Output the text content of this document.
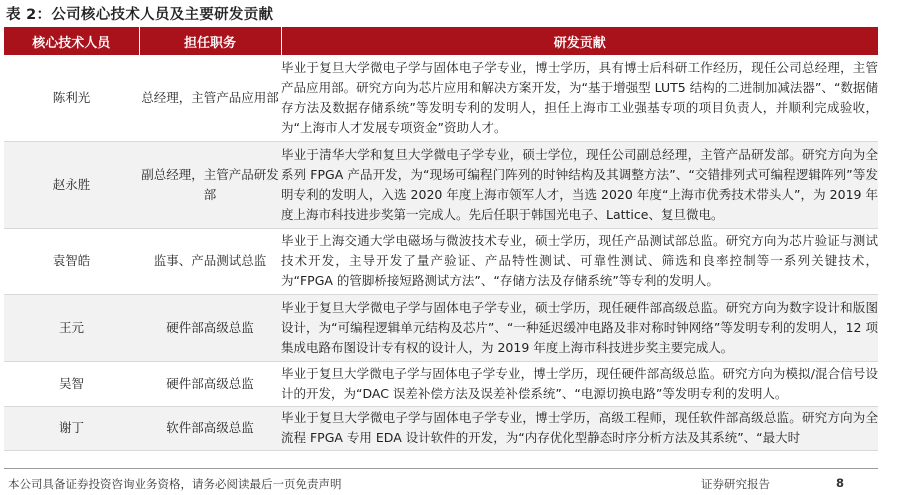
表 2：公司核心技术人员及主要研发贡献
核心技术人员	担任职务	研发贡献
陈利光	总经理，主管产品应用部	毕业于复旦大学微电子学与固体电子学专业，博士学历，具有博士后科研工作经历，现任公司总经理，主管产品应用部。研究方向为芯片应用和解决方案开发，为“基于增强型 LUT5 结构的二进制加减法器”、“数据储存方法及数据存储系统”等发明专利的发明人，担任上海市工业强基专项的项目负责人，并顺利完成验收，为“上海市人才发展专项资金”资助人才。
赵永胜	副总经理，主管产品研发部	毕业于清华大学和复旦大学微电子学专业，硕士学位，现任公司副总经理，主管产品研发部。研究方向为全系列 FPGA 产品开发，为“现场可编程门阵列的时钟结构及其调整方法”、“交错排列式可编程逻辑阵列”等发明专利的发明人，入选 2020 年度上海市领军人才，当选 2020 年度“上海市优秀技术带头人”，为 2019 年度上海市科技进步奖第一完成人。先后任职于韩国光电子、Lattice、复旦微电。
袁智皓	监事、产品测试总监	毕业于上海交通大学电磁场与微波技术专业，硕士学历，现任产品测试部总监。研究方向为芯片验证与测试技术开发，主导开发了量产验证、产品特性测试、可靠性测试、筛选和良率控制等一系列关键技术，为“FPGA 的管脚桥接短路测试方法”、“存储方法及存储系统”等专利的发明人。
王元	硬件部高级总监	毕业于复旦大学微电子学与固体电子学专业，硕士学历，现任硬件部高级总监。研究方向为数字设计和版图设计，为“可编程逻辑单元结构及芯片”、“一种延迟缓冲电路及非对称时钟网络”等发明专利的发明人，12 项集成电路布图设计专有权的设计人，为 2019 年度上海市科技进步奖主要完成人。
吴智	硬件部高级总监	毕业于复旦大学微电子学与固体电子学专业，博士学历，现任硬件部高级总监。研究方向为模拟/混合信号设计的开发，为“DAC 误差补偿方法及误差补偿系统”、“电源切换电路”等发明专利的发明人。
谢丁	软件部高级总监	毕业于复旦大学微电子学与固体电子学专业，博士学历，高级工程师，现任软件部高级总监。研究方向为全流程 FPGA 专用 EDA 设计软件的开发，为“内存优化型静态时序分析方法及其系统”、“最大时
本公司具备证券投资咨询业务资格，请务必阅读最后一页免责声明	证券研究报告	8
